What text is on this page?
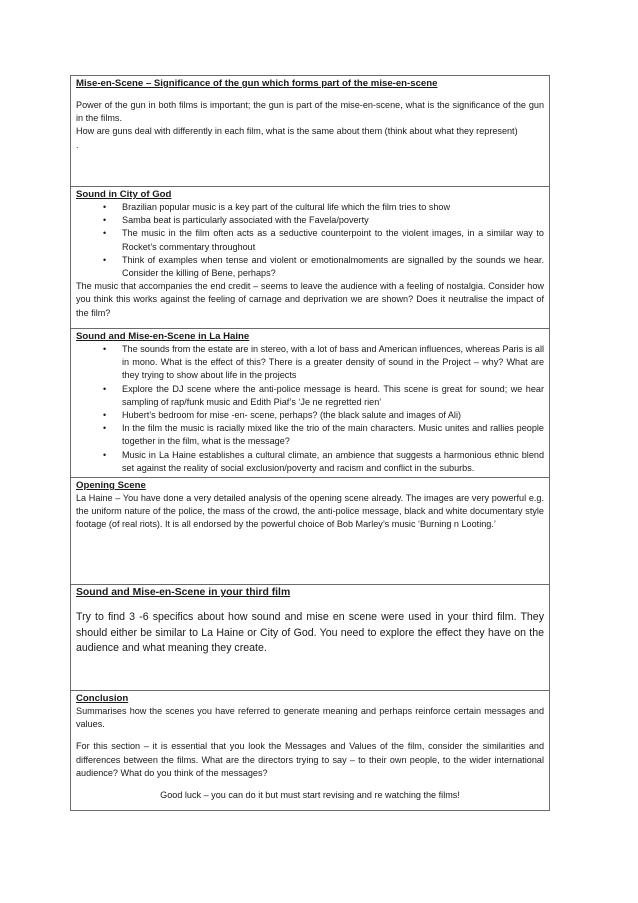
Mise-en-Scene – Significance of the gun which forms part of the mise-en-scene

Power of the gun in both films is important; the gun is part of the mise-en-scene, what is the significance of the gun in the films.

How are guns deal with differently in each film, what is the same about them (think about what they represent)

.

Sound in City of God
• Brazilian popular music is a key part of the cultural life which the film tries to show
• Samba beat is particularly associated with the Favela/poverty
• The music in the film often acts as a seductive counterpoint to the violent images, in a similar way to Rocket’s commentary throughout
• Think of examples when tense and violent or emotionalmoments are signalled by the sounds we hear. Consider the killing of Bene, perhaps?

The music that accompanies the end credit – seems to leave the audience with a feeling of nostalgia. Consider how you think this works against the feeling of carnage and deprivation we are shown? Does it neutralise the impact of the film?

Sound and Mise-en-Scene in La Haine
• The sounds from the estate are in stereo, with a lot of bass and American influences, whereas Paris is all in mono. What is the effect of this? There is a greater density of sound in the Project – why? What are they trying to show about life in the projects
• Explore the DJ scene where the anti-police message is heard. This scene is great for sound; we hear sampling of rap/funk music and Edith Piaf’s ‘Je ne regretted rien’
• Hubert’s bedroom for mise -en- scene, perhaps? (the black salute and images of Ali)
• In the film the music is racially mixed like the trio of the main characters. Music unites and rallies people together in the film, what is the message?
• Music in La Haine establishes a cultural climate, an ambience that suggests a harmonious ethnic blend set against the reality of social exclusion/poverty and racism and conflict in the suburbs.

Opening Scene

La Haine – You have done a very detailed analysis of the opening scene already. The images are very powerful e.g. the uniform nature of the police, the mass of the crowd, the anti-police message, black and white documentary style footage (of real riots). It is all endorsed by the powerful choice of Bob Marley’s music ‘Burning n Looting.’

Sound and Mise-en-Scene in your third film

Try to find 3 -6 specifics about how sound and mise en scene were used in your third film. They should either be similar to La Haine or City of God. You need to explore the effect they have on the audience and what meaning they create.

Conclusion

Summarises how the scenes you have referred to generate meaning and perhaps reinforce certain messages and values.

For this section – it is essential that you look the Messages and Values of the film, consider the similarities and differences between the films. What are the directors trying to say – to their own people, to the wider international audience? What do you think of the messages?

Good luck – you can do it but must start revising and re watching the films!
